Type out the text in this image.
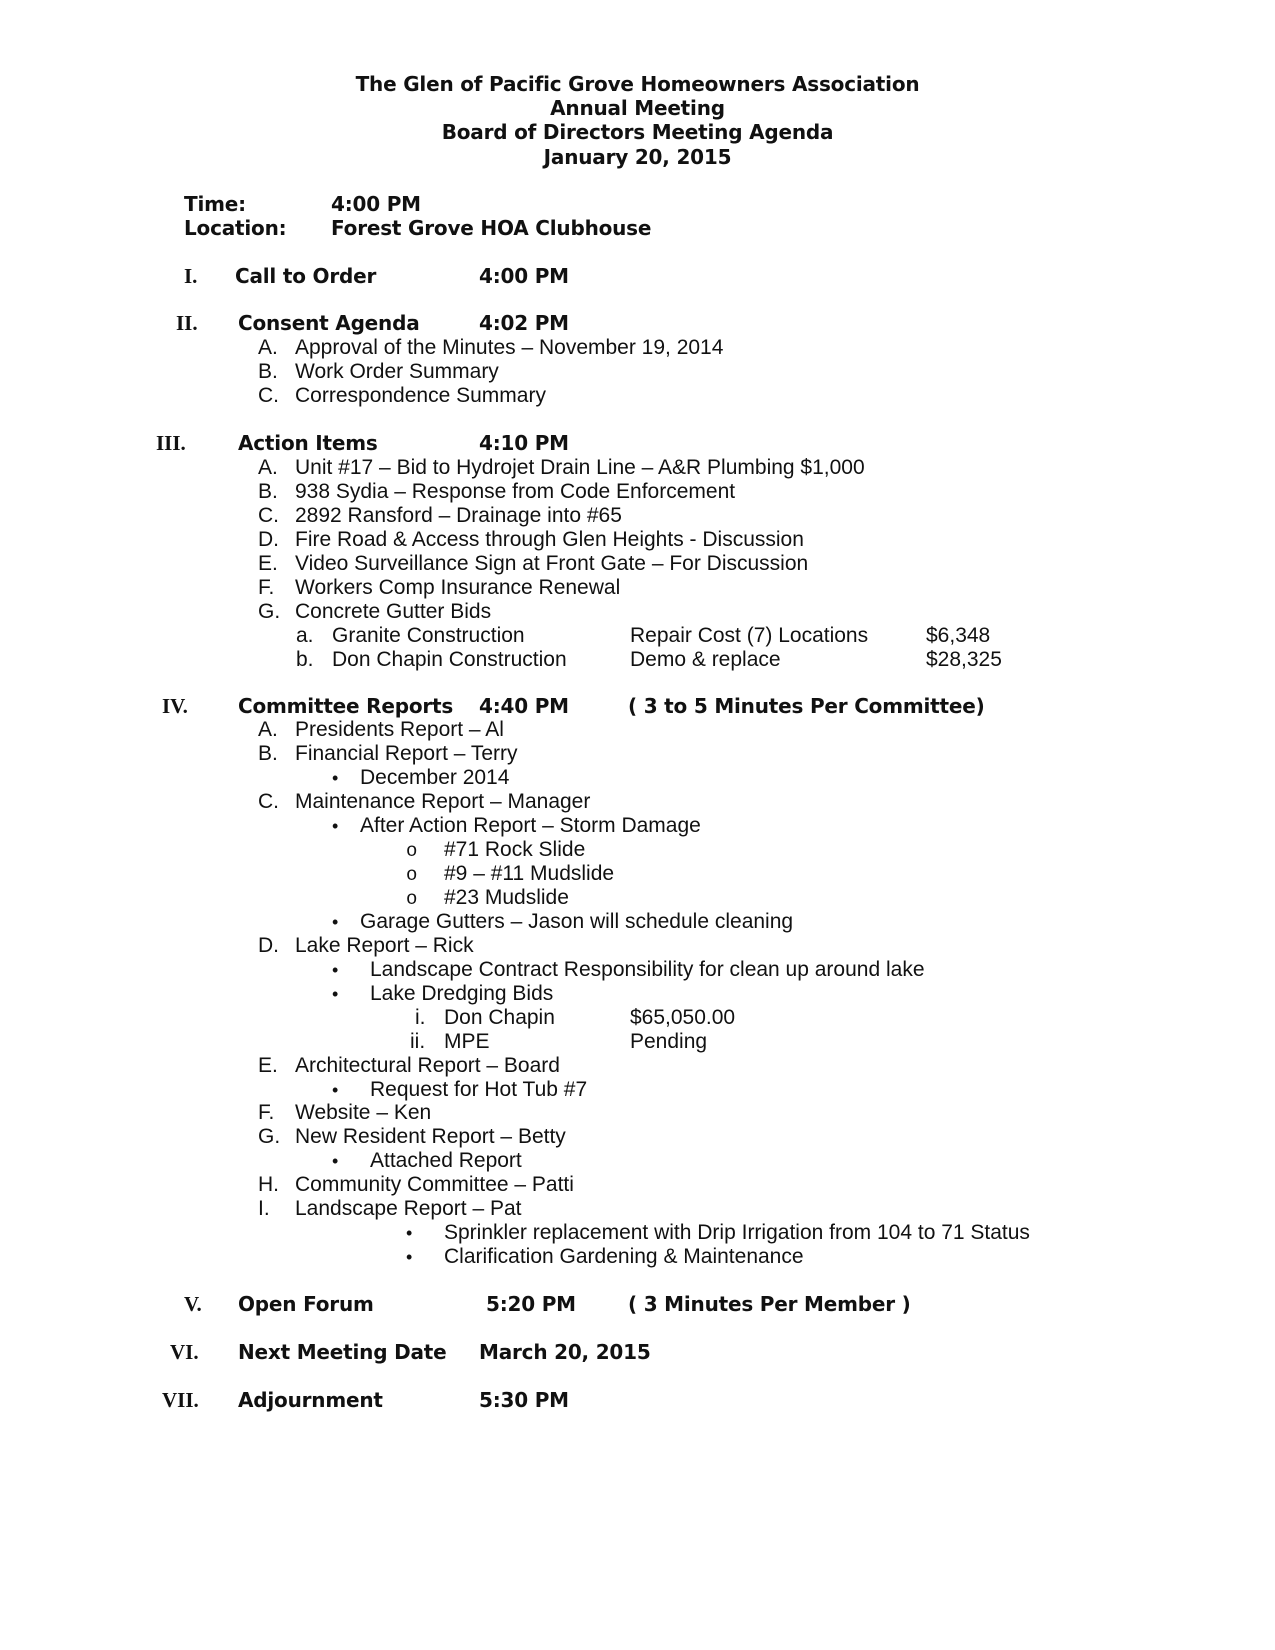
The Glen of Pacific Grove Homeowners Association
Annual Meeting
Board of Directors Meeting Agenda
January 20, 2015
Time:	4:00 PM
Location: Forest Grove HOA Clubhouse
I. Call to Order	4:00 PM
II. Consent Agenda	4:02 PM
A. Approval of the Minutes – November 19, 2014
B. Work Order Summary
C. Correspondence Summary
III.	Action Items	4:10 PM
A. Unit #17 – Bid to Hydrojet Drain Line – A&R Plumbing $1,000
B. 938 Sydia – Response from Code Enforcement
C. 2892 Ransford – Drainage into #65
D. Fire Road & Access through Glen Heights - Discussion
E. Video Surveillance Sign at Front Gate – For Discussion
F. Workers Comp Insurance Renewal
G. Concrete Gutter Bids
a. Granite Construction	Repair Cost (7) Locations	$6,348
b. Don Chapin Construction	Demo & replace	$28,325
IV.	Committee Reports 4:40 PM	( 3 to 5 Minutes Per Committee)
A. Presidents Report – Al
B. Financial Report – Terry
• December 2014
C. Maintenance Report – Manager
• After Action Report – Storm Damage
o #71 Rock Slide
o #9 – #11 Mudslide
o #23 Mudslide
• Garage Gutters – Jason will schedule cleaning
D. Lake Report – Rick
• Landscape Contract Responsibility for clean up around lake
• Lake Dredging Bids
i. Don Chapin	$65,050.00
ii. MPE	Pending
E. Architectural Report – Board
• Request for Hot Tub #7
F. Website – Ken
G. New Resident Report – Betty
• Attached Report
H. Community Committee – Patti
I. Landscape Report – Pat
• Sprinkler replacement with Drip Irrigation from 104 to 71 Status
• Clarification Gardening & Maintenance
V. Open Forum	5:20 PM	( 3 Minutes Per Member )
VI. Next Meeting Date March 20, 2015
VII. Adjournment	5:30 PM
